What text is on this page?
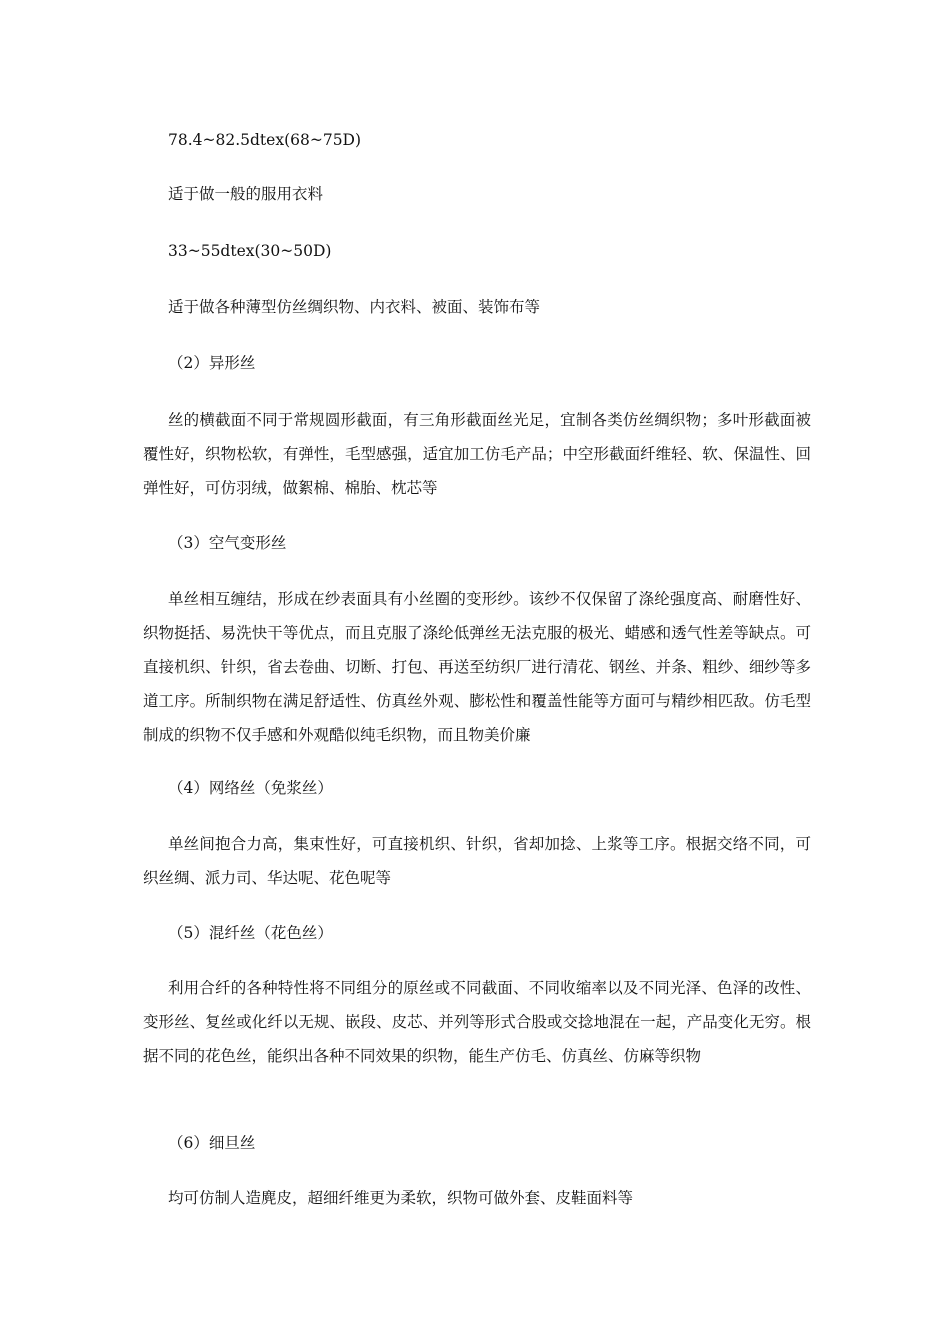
78.4~82.5dtex(68~75D)
适于做一般的服用衣料
33~55dtex(30~50D)
适于做各种薄型仿丝绸织物、内衣料、被面、装饰布等
（2）异形丝
丝的横截面不同于常规圆形截面，有三角形截面丝光足，宜制各类仿丝绸织物；多叶形截面被覆性好，织物松软，有弹性，毛型感强，适宜加工仿毛产品；中空形截面纤维轻、软、保温性、回弹性好，可仿羽绒，做絮棉、棉胎、枕芯等
（3）空气变形丝
单丝相互缠结，形成在纱表面具有小丝圈的变形纱。该纱不仅保留了涤纶强度高、耐磨性好、织物挺括、易洗快干等优点，而且克服了涤纶低弹丝无法克服的极光、蜡感和透气性差等缺点。可直接机织、针织，省去卷曲、切断、打包、再送至纺织厂进行清花、钢丝、并条、粗纱、细纱等多道工序。所制织物在满足舒适性、仿真丝外观、膨松性和覆盖性能等方面可与精纱相匹敌。仿毛型制成的织物不仅手感和外观酷似纯毛织物，而且物美价廉
（4）网络丝（免浆丝）
单丝间抱合力高，集束性好，可直接机织、针织，省却加捻、上浆等工序。根据交络不同，可织丝绸、派力司、华达呢、花色呢等
（5）混纤丝（花色丝）
利用合纤的各种特性将不同组分的原丝或不同截面、不同收缩率以及不同光泽、色泽的改性、变形丝、复丝或化纤以无规、嵌段、皮芯、并列等形式合股或交捻地混在一起，产品变化无穷。根据不同的花色丝，能织出各种不同效果的织物，能生产仿毛、仿真丝、仿麻等织物
（6）细旦丝
均可仿制人造麂皮，超细纤维更为柔软，织物可做外套、皮鞋面料等
